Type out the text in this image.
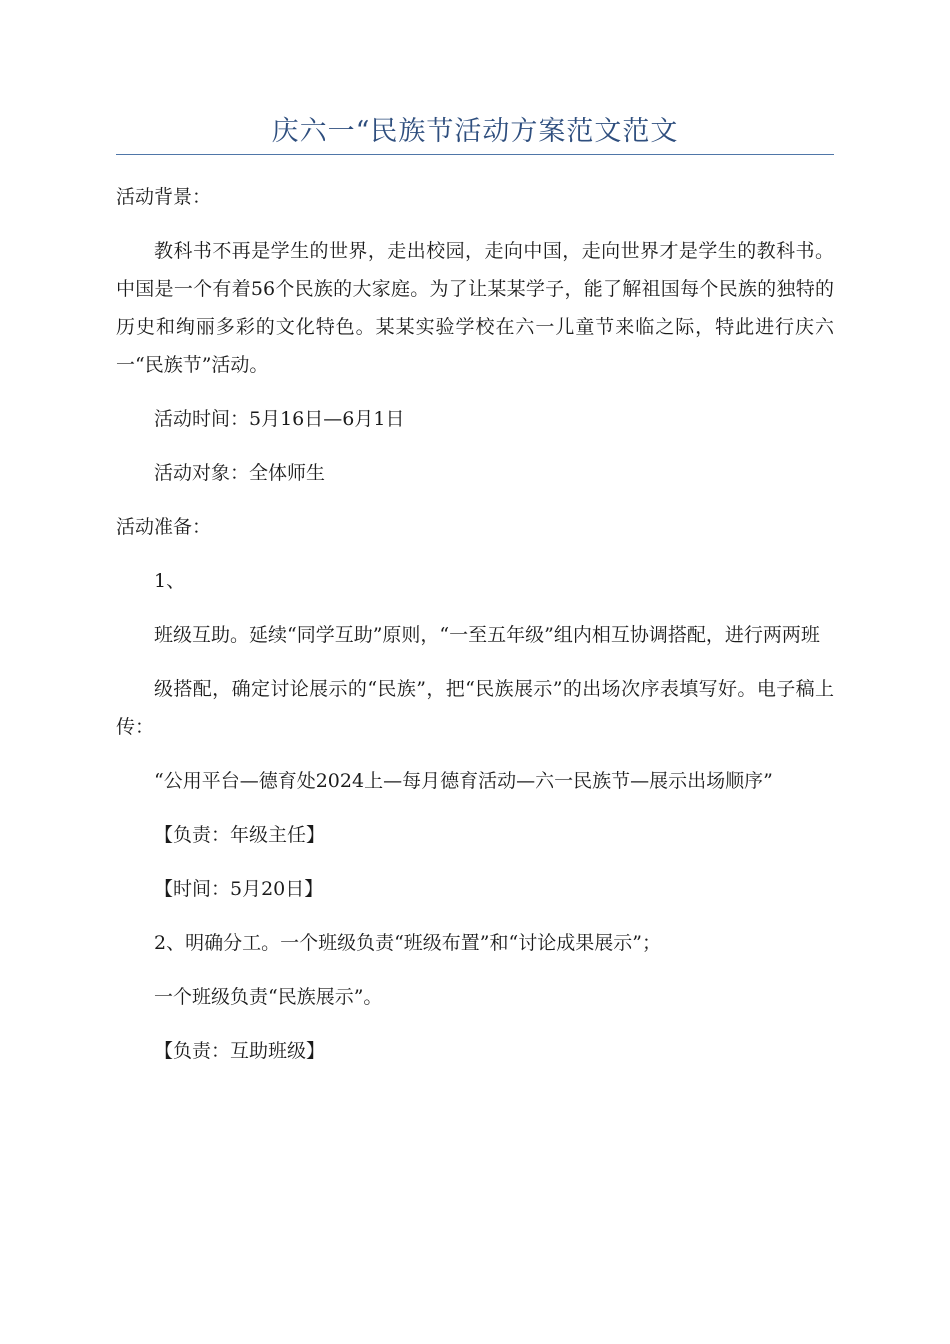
庆六一“民族节活动方案范文范文

活动背景：

教科书不再是学生的世界，走出校园，走向中国，走向世界才是学生的教科书。中国是一个有着56个民族的大家庭。为了让某某学子，能了解祖国每个民族的独特的历史和绚丽多彩的文化特色。某某实验学校在六一儿童节来临之际，特此进行庆六一“民族节”活动。

活动时间：5月16日—6月1日

活动对象：全体师生

活动准备：

1、

班级互助。延续“同学互助”原则，“一至五年级”组内相互协调搭配，进行两两班

级搭配，确定讨论展示的“民族”，把“民族展示”的出场次序表填写好。电子稿上传：

“公用平台—德育处2024上—每月德育活动—六一民族节—展示出场顺序”

【负责：年级主任】

【时间：5月20日】

2、明确分工。一个班级负责“班级布置”和“讨论成果展示”；

一个班级负责“民族展示”。

【负责：互助班级】
